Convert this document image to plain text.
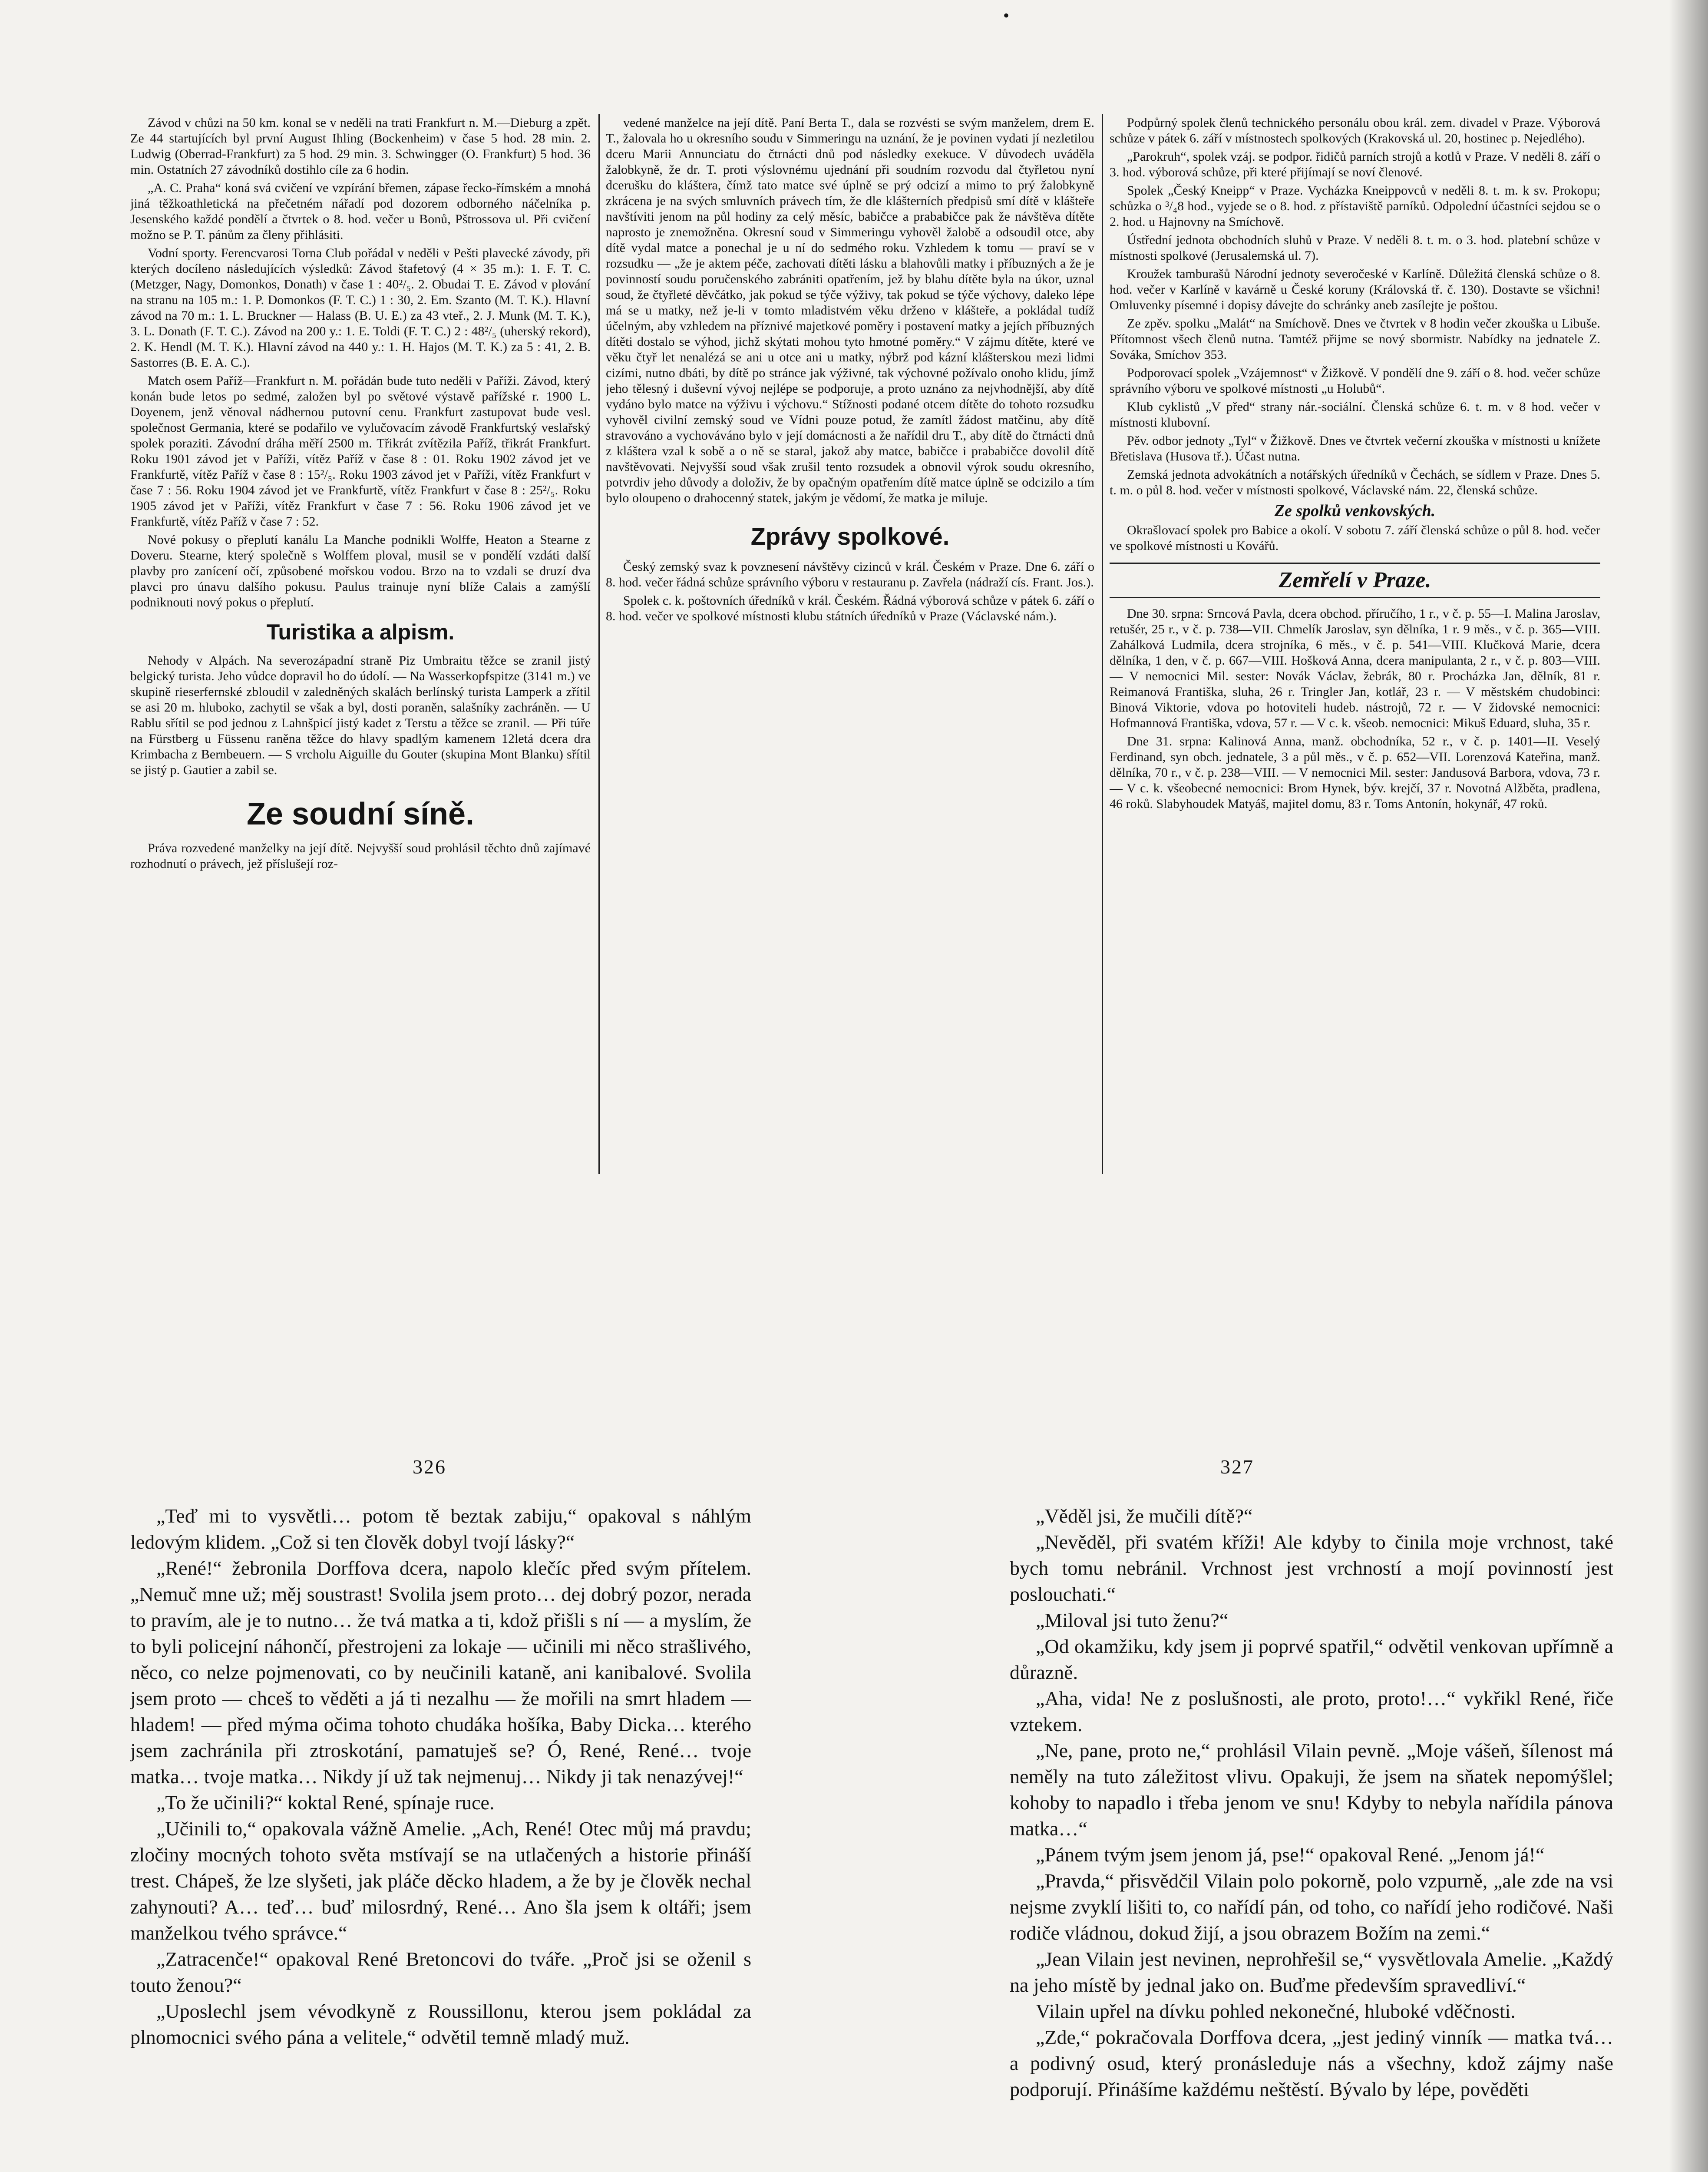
•

Závod v chůzi na 50 km. konal se v neděli na trati Frankfurt n. M.—Dieburg a zpět. Ze 44 startujících byl první August Ihling (Bockenheim) v čase 5 hod. 28 min. 2. Ludwig (Oberrad-Frankfurt) za 5 hod. 29 min. 3. Schwingger (O. Frankfurt) 5 hod. 36 min. Ostatních 27 závodníků dostihlo cíle za 6 hodin.

„A. C. Praha“ koná svá cvičení ve vzpírání břemen, zápase řecko-římském a mnohá jiná těžkoathletická na přečetném nářadí pod dozorem odborného náčelníka p. Jesenského každé pondělí a čtvrtek o 8. hod. večer u Bonů, Pštrossova ul. Při cvičení možno se P. T. pánům za členy přihlásiti.

Vodní sporty. Ferencvarosi Torna Club pořádal v neděli v Pešti plavecké závody, při kterých docíleno následujících výsledků: Závod štafetový (4 × 35 m.): 1. F. T. C. (Metzger, Nagy, Domonkos, Donath) v čase 1 : 40²/₅. 2. Obudai T. E. Závod v plování na stranu na 105 m.: 1. P. Domonkos (F. T. C.) 1 : 30, 2. Em. Szanto (M. T. K.). Hlavní závod na 70 m.: 1. L. Bruckner — Halass (B. U. E.) za 43 vteř., 2. J. Munk (M. T. K.), 3. L. Donath (F. T. C.). Závod na 200 y.: 1. E. Toldi (F. T. C.) 2 : 48²/₅ (uherský rekord), 2. K. Hendl (M. T. K.). Hlavní závod na 440 y.: 1. H. Hajos (M. T. K.) za 5 : 41, 2. B. Sastorres (B. E. A. C.).

Match osem Paříž—Frankfurt n. M. pořádán bude tuto neděli v Paříži. Závod, který konán bude letos po sedmé, založen byl po světové výstavě pařížské r. 1900 L. Doyenem, jenž věnoval nádhernou putovní cenu. Frankfurt zastupovat bude vesl. společnost Germania, které se podařilo ve vylučovacím závodě Frankfurtský veslařský spolek poraziti. Závodní dráha měří 2500 m. Třikrát zvítězila Paříž, třikrát Frankfurt. Roku 1901 závod jet v Paříži, vítěz Paříž v čase 8 : 01. Roku 1902 závod jet ve Frankfurtě, vítěz Paříž v čase 8 : 15²/₅. Roku 1903 závod jet v Paříži, vítěz Frankfurt v čase 7 : 56. Roku 1904 závod jet ve Frankfurtě, vítěz Frankfurt v čase 8 : 25²/₅. Roku 1905 závod jet v Paříži, vítěz Frankfurt v čase 7 : 56. Roku 1906 závod jet ve Frankfurtě, vítěz Paříž v čase 7 : 52.

Nové pokusy o přeplutí kanálu La Manche podnikli Wolffe, Heaton a Stearne z Doveru. Stearne, který společně s Wolffem ploval, musil se v pondělí vzdáti další plavby pro zanícení očí, způsobené mořskou vodou. Brzo na to vzdali se druzí dva plavci pro únavu dalšího pokusu. Paulus trainuje nyní blíže Calais a zamýšlí podniknouti nový pokus o přeplutí.

Turistika a alpism.

Nehody v Alpách. Na severozápadní straně Piz Umbraitu těžce se zranil jistý belgický turista. Jeho vůdce dopravil ho do údolí. — Na Wasserkopfspitze (3141 m.) ve skupině rieserfernské zbloudil v zaledněných skalách berlínský turista Lamperk a zřítil se asi 20 m. hluboko, zachytil se však a byl, dosti poraněn, salašníky zachráněn. — U Rablu sřítil se pod jednou z Lahnšpicí jistý kadet z Terstu a těžce se zranil. — Při túře na Fürstberg u Füssenu raněna těžce do hlavy spadlým kamenem 12letá dcera dra Krimbacha z Bernbeuern. — S vrcholu Aiguille du Gouter (skupina Mont Blanku) sřítil se jistý p. Gautier a zabil se.

Ze soudní síně.

Práva rozvedené manželky na její dítě. Nejvyšší soud prohlásil těchto dnů zajímavé rozhodnutí o právech, jež příslušejí roz-

vedené manželce na její dítě. Paní Berta T., dala se rozvésti se svým manželem, drem E. T., žalovala ho u okresního soudu v Simmeringu na uznání, že je povinen vydati jí nezletilou dceru Marii Annunciatu do čtrnácti dnů pod následky exekuce. V důvodech uváděla žalobkyně, že dr. T. proti výslovnému ujednání při soudním rozvodu dal čtyřletou nyní dcerušku do kláštera, čímž tato matce své úplně se prý odcizí a mimo to prý žalobkyně zkrácena je na svých smluvních právech tím, že dle klášterních předpisů smí dítě v klášteře navštíviti jenom na půl hodiny za celý měsíc, babičce a prababičce pak že návštěva dítěte naprosto je znemožněna. Okresní soud v Simmeringu vyhověl žalobě a odsoudil otce, aby dítě vydal matce a ponechal je u ní do sedmého roku. Vzhledem k tomu — praví se v rozsudku — „že je aktem péče, zachovati dítěti lásku a blahovůli matky i příbuzných a že je povinností soudu poručenského zabrániti opatřením, jež by blahu dítěte byla na úkor, uznal soud, že čtyřleté děvčátko, jak pokud se týče výživy, tak pokud se týče výchovy, daleko lépe má se u matky, než je-li v tomto mladistvém věku drženo v klášteře, a pokládal tudíž účelným, aby vzhledem na příznivé majetkové poměry i postavení matky a jejích příbuzných dítěti dostalo se výhod, jichž skýtati mohou tyto hmotné poměry.“ V zájmu dítěte, které ve věku čtyř let nenalézá se ani u otce ani u matky, nýbrž pod kázní klášterskou mezi lidmi cizími, nutno dbáti, by dítě po stránce jak výživné, tak výchovné požívalo onoho klidu, jímž jeho tělesný i duševní vývoj nejlépe se podporuje, a proto uznáno za nejvhodnější, aby dítě vydáno bylo matce na výživu i výchovu.“ Stížnosti podané otcem dítěte do tohoto rozsudku vyhověl civilní zemský soud ve Vídni pouze potud, že zamítl žádost matčinu, aby dítě stravováno a vychováváno bylo v její domácnosti a že nařídil dru T., aby dítě do čtrnácti dnů z kláštera vzal k sobě a o ně se staral, jakož aby matce, babičce i prababičce dovolil dítě navštěvovati. Nejvyšší soud však zrušil tento rozsudek a obnovil výrok soudu okresního, potvrdiv jeho důvody a doloživ, že by opačným opatřením dítě matce úplně se odcizilo a tím bylo oloupeno o drahocenný statek, jakým je vědomí, že matka je miluje.

Zprávy spolkové.

Český zemský svaz k povznesení návštěvy cizinců v král. Českém v Praze. Dne 6. září o 8. hod. večer řádná schůze správního výboru v restauranu p. Zavřela (nádraží cís. Frant. Jos.).

Spolek c. k. poštovních úředníků v král. Českém. Řádná výborová schůze v pátek 6. září o 8. hod. večer ve spolkové místnosti klubu státních úředníků v Praze (Václavské nám.).

Podpůrný spolek členů technického personálu obou král. zem. divadel v Praze. Výborová schůze v pátek 6. září v místnostech spolkových (Krakovská ul. 20, hostinec p. Nejedlého).

„Parokruh“, spolek vzáj. se podpor. řidičů parních strojů a kotlů v Praze. V neděli 8. září o 3. hod. výborová schůze, při které přijímají se noví členové.

Spolek „Český Kneipp“ v Praze. Vycházka Kneippovců v neděli 8. t. m. k sv. Prokopu; schůzka o ³/₄8 hod., vyjede se o 8. hod. z přístaviště parníků. Odpolední účastníci sejdou se o 2. hod. u Hajnovny na Smíchově.

Ústřední jednota obchodních sluhů v Praze. V neděli 8. t. m. o 3. hod. platební schůze v místnosti spolkové (Jerusalemská ul. 7).

Kroužek tamburašů Národní jednoty severočeské v Karlíně. Důležitá členská schůze o 8. hod. večer v Karlíně v kavárně u České koruny (Královská tř. č. 130). Dostavte se všichni! Omluvenky písemné i dopisy dávejte do schránky aneb zasílejte je poštou.

Ze zpěv. spolku „Malát“ na Smíchově. Dnes ve čtvrtek v 8 hodin večer zkouška u Libuše. Přítomnost všech členů nutna. Tamtéž přijme se nový sbormistr. Nabídky na jednatele Z. Sováka, Smíchov 353.

Podporovací spolek „Vzájemnost“ v Žižkově. V pondělí dne 9. září o 8. hod. večer schůze správního výboru ve spolkové místnosti „u Holubů“.

Klub cyklistů „V před“ strany nár.-sociální. Členská schůze 6. t. m. v 8 hod. večer v místnosti klubovní.

Pěv. odbor jednoty „Tyl“ v Žižkově. Dnes ve čtvrtek večerní zkouška v místnosti u knížete Břetislava (Husova tř.). Účast nutna.

Zemská jednota advokátních a notářských úředníků v Čechách, se sídlem v Praze. Dnes 5. t. m. o půl 8. hod. večer v místnosti spolkové, Václavské nám. 22, členská schůze.

Ze spolků venkovských.

Okrašlovací spolek pro Babice a okolí. V sobotu 7. září členská schůze o půl 8. hod. večer ve spolkové místnosti u Kovářů.

Zemřelí v Praze.

Dne 30. srpna: Srncová Pavla, dcera obchod. příručího, 1 r., v č. p. 55—I. Malina Jaroslav, retušér, 25 r., v č. p. 738—VII. Chmelík Jaroslav, syn dělníka, 1 r. 9 měs., v č. p. 365—VIII. Zahálková Ludmila, dcera strojníka, 6 měs., v č. p. 541—VIII. Klučková Marie, dcera dělníka, 1 den, v č. p. 667—VIII. Hošková Anna, dcera manipulanta, 2 r., v č. p. 803—VIII. — V nemocnici Mil. sester: Novák Václav, žebrák, 80 r. Procházka Jan, dělník, 81 r. Reimanová Františka, sluha, 26 r. Tringler Jan, kotlář, 23 r. — V městském chudobinci: Binová Viktorie, vdova po hotoviteli hudeb. nástrojů, 72 r. — V židovské nemocnici: Hofmannová Františka, vdova, 57 r. — V c. k. všeob. nemocnici: Mikuš Eduard, sluha, 35 r.

Dne 31. srpna: Kalinová Anna, manž. obchodníka, 52 r., v č. p. 1401—II. Veselý Ferdinand, syn obch. jednatele, 3 a půl měs., v č. p. 652—VII. Lorenzová Kateřina, manž. dělníka, 70 r., v č. p. 238—VIII. — V nemocnici Mil. sester: Jandusová Barbora, vdova, 73 r. — V c. k. všeobecné nemocnici: Brom Hynek, býv. krejčí, 37 r. Novotná Alžběta, pradlena, 46 roků. Slabyhoudek Matyáš, majitel domu, 83 r. Toms Antonín, hokynář, 47 roků.

326	327

„Teď mi to vysvětli… potom tě beztak zabiju,“ opakoval s náhlým ledovým klidem. „Což si ten člověk dobyl tvojí lásky?“

„René!“ žebronila Dorffova dcera, napolo klečíc před svým přítelem. „Nemuč mne už; měj soustrast! Svolila jsem proto… dej dobrý pozor, nerada to pravím, ale je to nutno… že tvá matka a ti, kdož přišli s ní — a myslím, že to byli policejní náhončí, přestrojeni za lokaje — učinili mi něco strašlivého, něco, co nelze pojmenovati, co by neučinili kataně, ani kanibalové. Svolila jsem proto — chceš to věděti a já ti nezalhu — že mořili na smrt hladem — hladem! — před mýma očima tohoto chudáka hošíka, Baby Dicka… kterého jsem zachránila při ztroskotání, pamatuješ se? Ó, René, René… tvoje matka… tvoje matka… Nikdy jí už tak nejmenuj… Nikdy ji tak nenazývej!“

„To že učinili?“ koktal René, spínaje ruce.

„Učinili to,“ opakovala vážně Amelie. „Ach, René! Otec můj má pravdu; zločiny mocných tohoto světa mstívají se na utlačených a historie přináší trest. Chápeš, že lze slyšeti, jak pláče děcko hladem, a že by je člověk nechal zahynouti? A… teď… buď milosrdný, René… Ano šla jsem k oltáři; jsem manželkou tvého správce.“

„Zatracenče!“ opakoval René Bretoncovi do tváře. „Proč jsi se oženil s touto ženou?“

„Uposlechl jsem vévodkyně z Roussillonu, kterou jsem pokládal za plnomocnici svého pána a velitele,“ odvětil temně mladý muž.

„Věděl jsi, že mučili dítě?“

„Nevěděl, při svatém kříži! Ale kdyby to činila moje vrchnost, také bych tomu nebránil. Vrchnost jest vrchností a mojí povinností jest poslouchati.“

„Miloval jsi tuto ženu?“

„Od okamžiku, kdy jsem ji poprvé spatřil,“ odvětil venkovan upřímně a důrazně.

„Aha, vida! Ne z poslušnosti, ale proto, proto!…“ vykřikl René, řiče vztekem.

„Ne, pane, proto ne,“ prohlásil Vilain pevně. „Moje vášeň, šílenost má neměly na tuto záležitost vlivu. Opakuji, že jsem na sňatek nepomýšlel; kohoby to napadlo i třeba jenom ve snu! Kdyby to nebyla nařídila pánova matka…“

„Pánem tvým jsem jenom já, pse!“ opakoval René. „Jenom já!“

„Pravda,“ přisvědčil Vilain polo pokorně, polo vzpurně, „ale zde na vsi nejsme zvyklí lišiti to, co nařídí pán, od toho, co nařídí jeho rodičové. Naši rodiče vládnou, dokud žijí, a jsou obrazem Božím na zemi.“

„Jean Vilain jest nevinen, neprohřešil se,“ vysvětlovala Amelie. „Každý na jeho místě by jednal jako on. Buďme především spravedliví.“

Vilain upřel na dívku pohled nekonečné, hluboké vděčnosti.

„Zde,“ pokračovala Dorffova dcera, „jest jediný vinník — matka tvá… a podivný osud, který pronásleduje nás a všechny, kdož zájmy naše podporují. Přinášíme každému neštěstí. Bývalo by lépe, pověděti
